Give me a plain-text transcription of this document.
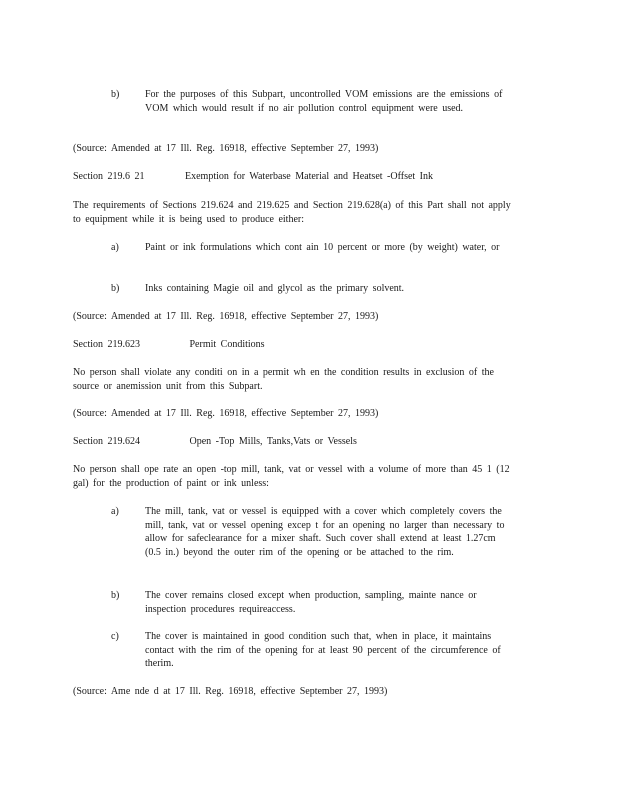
b)	For the purposes of this Subpart, uncontrolled VOM emissions are the emissions of VOM which would result if no air pollution control equipment were used.
(Source: Amended at 17 Ill. Reg. 16918, effective September 27, 1993)
Section 219.6 21         Exemption for Waterbase Material and Heatset -Offset Ink
The requirements of Sections 219.624 and 219.625 and Section 219.628(a) of this Part shall not apply to equipment while it is being used to produce either:
a)	Paint or ink formulations which cont ain 10 percent or more (by weight) water, or
b)	Inks containing Magie oil and glycol as the primary solvent.
(Source: Amended at 17 Ill. Reg. 16918, effective September 27, 1993)
Section 219.623           Permit Conditions
No person shall violate any conditi on in a permit wh en the condition results in exclusion of the source or anemission unit from this Subpart.
(Source: Amended at 17 Ill. Reg. 16918, effective September 27, 1993)
Section 219.624           Open -Top Mills, Tanks,Vats or Vessels
No person shall ope rate an open -top mill, tank, vat or vessel with a volume of more than 45 1 (12 gal) for the production of paint or ink unless:
a)	The mill, tank, vat or vessel is equipped with a cover which completely covers the mill, tank, vat or vessel opening excep t for an opening no larger than necessary to allow for safeclearance for a mixer shaft. Such cover shall extend at least 1.27cm (0.5 in.) beyond the outer rim of the opening or be attached to the rim.
b)	The cover remains closed except when production, sampling, mainte nance or inspection procedures requireaccess.
c)	The cover is maintained in good condition such that, when in place, it maintains contact with the rim of the opening for at least 90 percent of the circumference of therim.
(Source: Ame nde d at 17 Ill. Reg. 16918, effective September 27, 1993)
